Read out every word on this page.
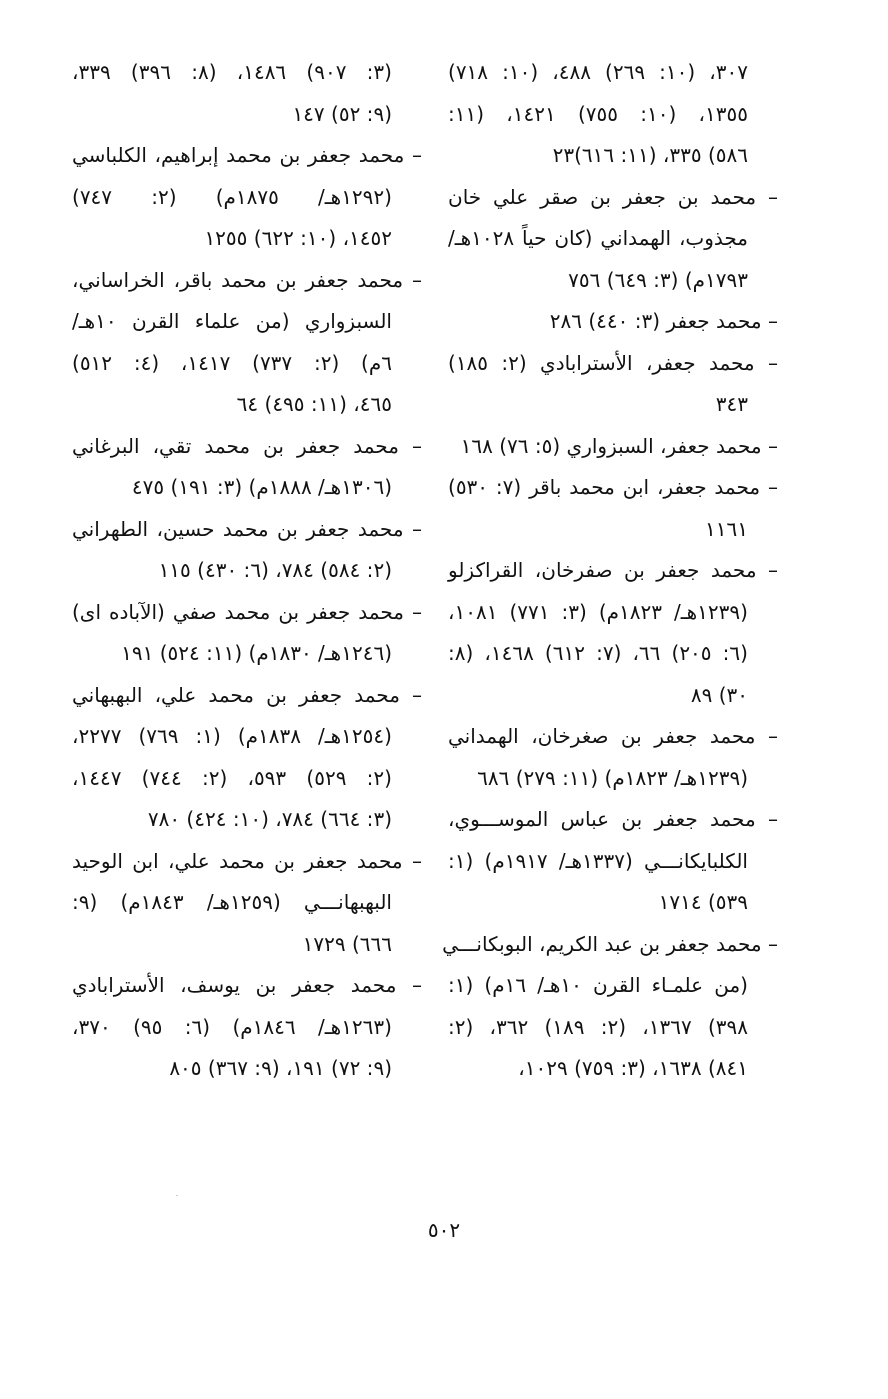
٣٠٧، (١٠: ٢٦٩) ٤٨٨، (١٠: ٧١٨)
١٣٥٥، (١٠: ٧٥٥) ١٤٢١، (١١:
٥٨٦) ٣٣٥، (١١: ٦١٦)٢٣
– محمد بن جعفر بن صقر علي خان
مجذوب، الهمداني (كان حياً ١٠٢٨هـ/
١٧٩٣م) (٣: ٦٤٩) ٧٥٦
– محمد جعفر (٣: ٤٤٠) ٢٨٦
– محمد جعفر، الأسترابادي (٢: ١٨٥)
٣٤٣
– محمد جعفر، السبزواري (٥: ٧٦) ١٦٨
– محمد جعفر، ابن محمد باقر (٧: ٥٣٠)
١١٦١
– محمد جعفر بن صفرخان، القراكزلو
(١٢٣٩هـ/ ١٨٢٣م) (٣: ٧٧١) ١٠٨١،
(٦: ٢٠٥) ٦٦، (٧: ٦١٢) ١٤٦٨، (٨:
٣٠) ٨٩
– محمد جعفر بن صغرخان، الهمداني
(١٢٣٩هـ/ ١٨٢٣م) (١١: ٢٧٩) ٦٨٦
– محمد جعفر بن عباس الموســـوي،
الكلبايكانـــي (١٣٣٧هـ/ ١٩١٧م) (١:
٥٣٩) ١٧١٤
– محمد جعفر بن عبد الكريم، البوبكانـــي
(من علمـاء القرن ١٠هـ/ ١٦م) (١:
٣٩٨) ١٣٦٧، (٢: ١٨٩) ٣٦٢، (٢:
٨٤١) ١٦٣٨، (٣: ٧٥٩) ١٠٢٩،
(٣: ٩٠٧) ١٤٨٦، (٨: ٣٩٦) ٣٣٩،
(٩: ٥٢) ١٤٧
– محمد جعفر بن محمد إبراهيم، الكلباسي
(١٢٩٢هـ/ ١٨٧٥م) (٢: ٧٤٧)
١٤٥٢، (١٠: ٦٢٢) ١٢٥٥
– محمد جعفر بن محمد باقر، الخراساني،
السبزواري (من علماء القرن ١٠هـ/
٦م) (٢: ٧٣٧) ١٤١٧، (٤: ٥١٢)
٤٦٥، (١١: ٤٩٥) ٦٤
– محمد جعفر بن محمد تقي، البرغاني
(١٣٠٦هـ/ ١٨٨٨م) (٣: ١٩١) ٤٧٥
– محمد جعفر بن محمد حسين، الطهراني
(٢: ٥٨٤) ٧٨٤، (٦: ٤٣٠) ١١٥
– محمد جعفر بن محمد صفي (الآباده اى)
(١٢٤٦هـ/ ١٨٣٠م) (١١: ٥٢٤) ١٩١
– محمد جعفر بن محمد علي، البهبهاني
(١٢٥٤هـ/ ١٨٣٨م) (١: ٧٦٩) ٢٢٧٧،
(٢: ٥٢٩) ٥٩٣، (٢: ٧٤٤) ١٤٤٧،
(٣: ٦٦٤) ٧٨٤، (١٠: ٤٢٤) ٧٨٠
– محمد جعفر بن محمد علي، ابن الوحيد
البهبهانـــي (١٢٥٩هـ/ ١٨٤٣م) (٩:
٦٦٦) ١٧٢٩
– محمد جعفر بن يوسف، الأسترابادي
(١٢٦٣هـ/ ١٨٤٦م) (٦: ٩٥) ٣٧٠،
(٩: ٧٢) ١٩١، (٩: ٣٦٧) ٨٠٥
٥٠٢
